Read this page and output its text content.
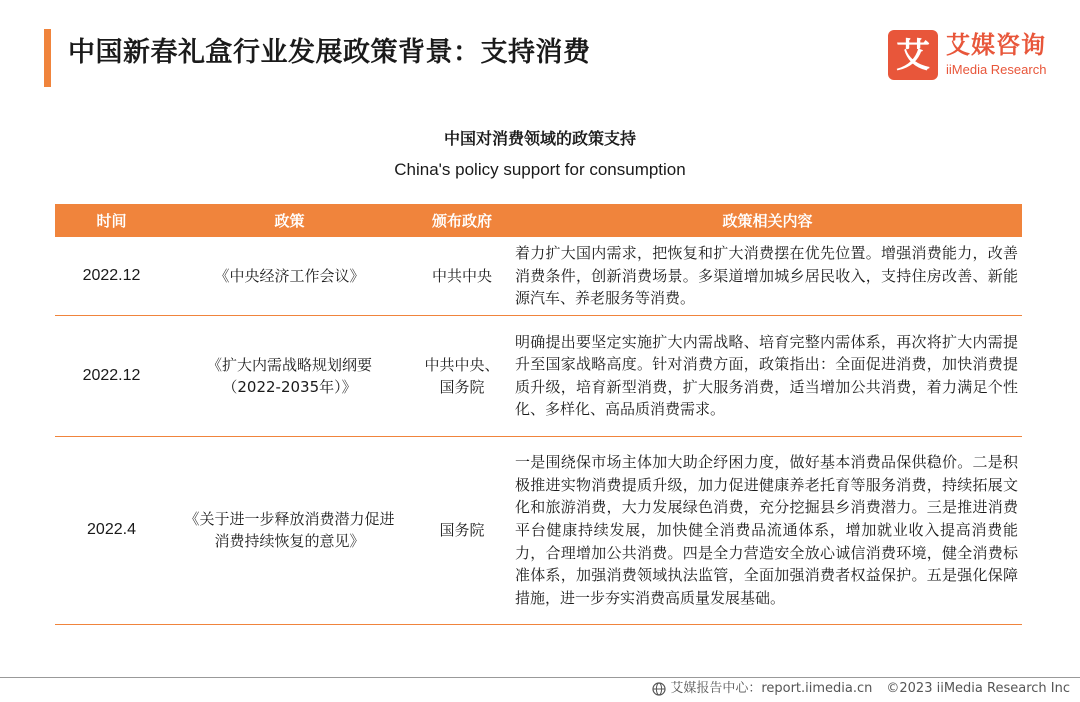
中国新春礼盒行业发展政策背景：支持消费	艾 艾媒咨询
iiMedia Research
中国对消费领域的政策支持
China's policy support for consumption
时间	政策	颁布政府	政策相关内容
2022.12	《中央经济工作会议》	中共中央	着力扩大国内需求，把恢复和扩大消费摆在优先位置。增强消费能力，改善消费条件，创新消费场景。多渠道增加城乡居民收入，支持住房改善、新能源汽车、养老服务等消费。
2022.12	《扩大内需战略规划纲要（2022-2035年）》	中共中央、国务院	明确提出要坚定实施扩大内需战略、培育完整内需体系，再次将扩大内需提升至国家战略高度。针对消费方面，政策指出：全面促进消费，加快消费提质升级，培育新型消费，扩大服务消费，适当增加公共消费，着力满足个性化、多样化、高品质消费需求。
2022.4	《关于进一步释放消费潜力促进消费持续恢复的意见》	国务院	一是围绕保市场主体加大助企纾困力度，做好基本消费品保供稳价。二是积极推进实物消费提质升级，加力促进健康养老托育等服务消费，持续拓展文化和旅游消费，大力发展绿色消费，充分挖掘县乡消费潜力。三是推进消费平台健康持续发展，加快健全消费品流通体系，增加就业收入提高消费能力，合理增加公共消费。四是全力营造安全放心诚信消费环境，健全消费标准体系，加强消费领域执法监管，全面加强消费者权益保护。五是强化保障措施，进一步夯实消费高质量发展基础。
艾媒报告中心：report.iimedia.cn ©2023 iiMedia Research Inc
